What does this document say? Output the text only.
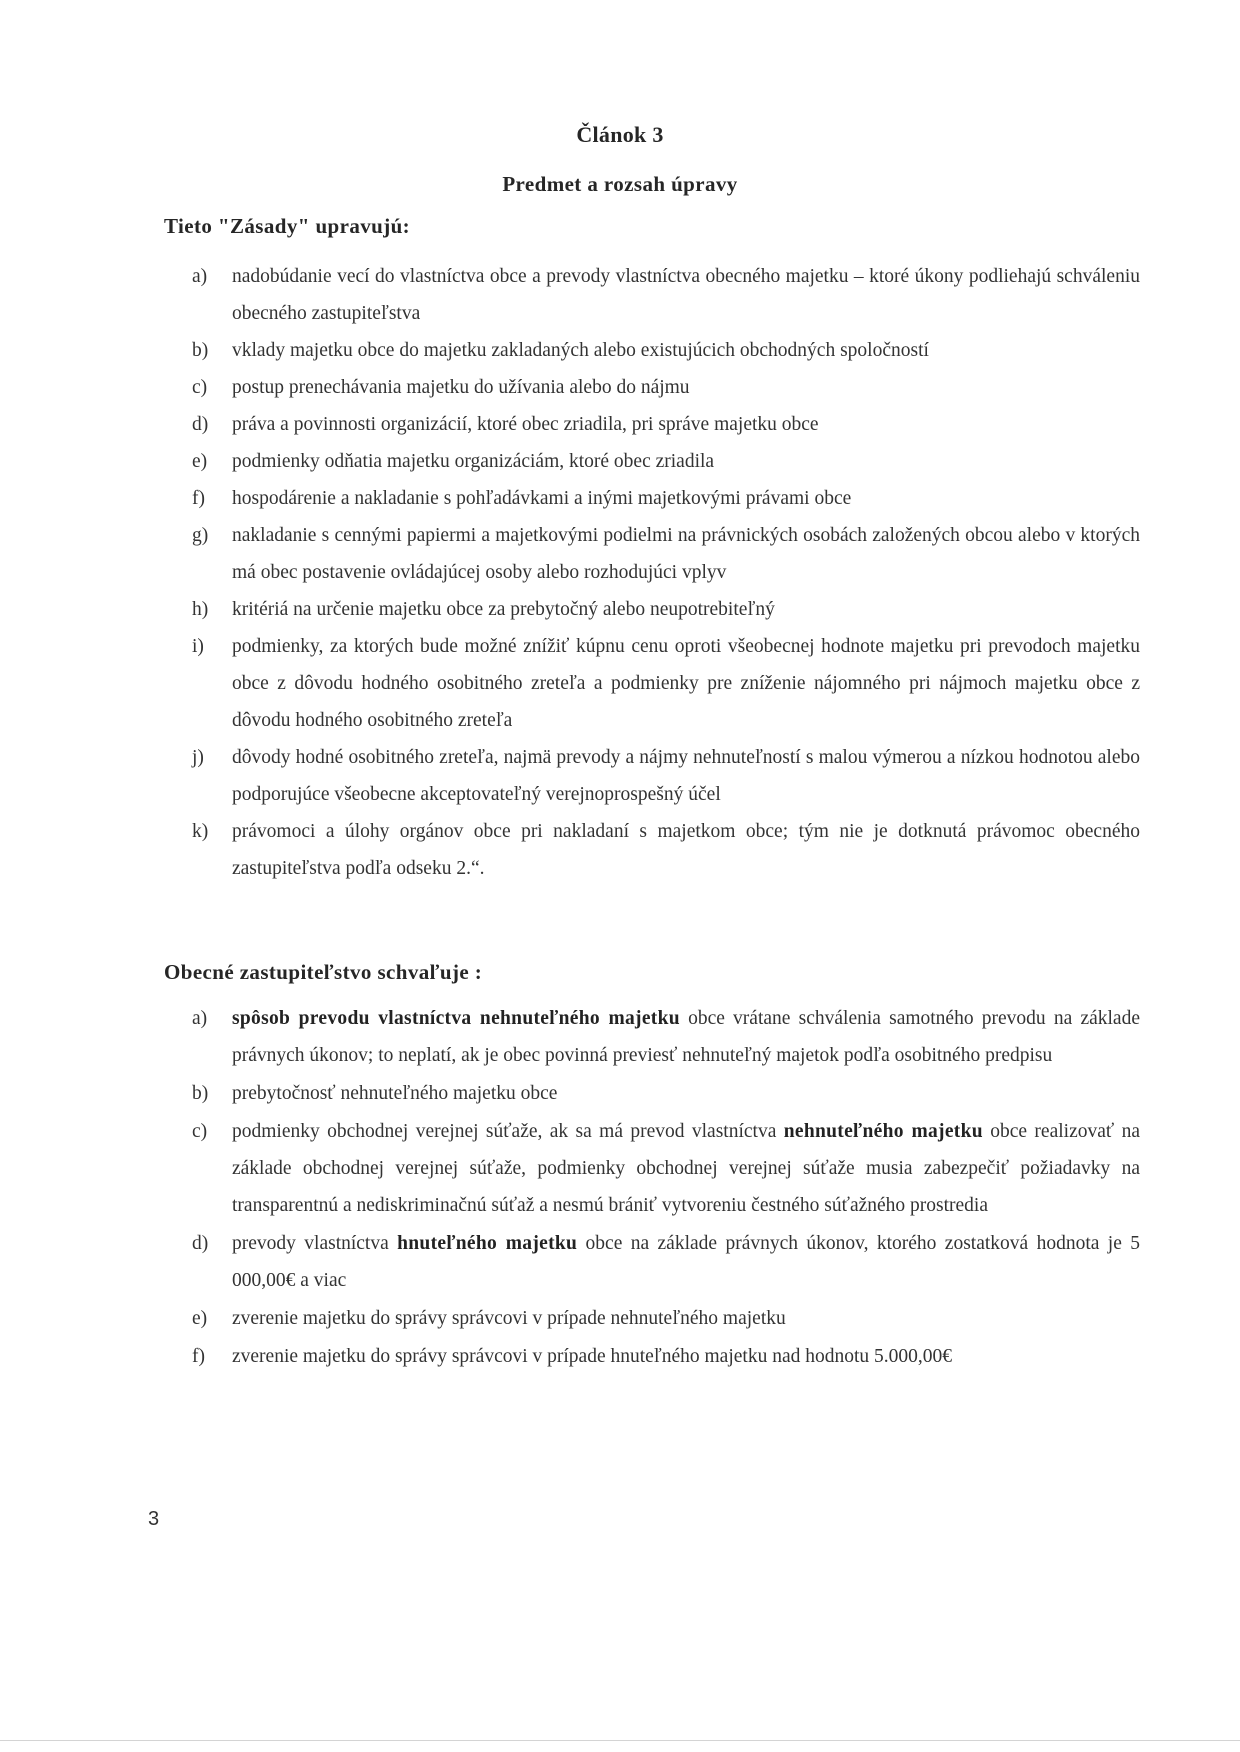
Článok 3
Predmet a rozsah úpravy
Tieto "Zásady" upravujú:
a)	nadobúdanie vecí do vlastníctva obce a prevody vlastníctva obecného majetku – ktoré úkony podliehajú schváleniu obecného zastupiteľstva
b)	vklady majetku obce do majetku zakladaných alebo existujúcich obchodných spoločností
c)	postup prenechávania majetku do užívania alebo do nájmu
d)	práva a povinnosti organizácií, ktoré obec zriadila, pri správe majetku obce
e)	podmienky odňatia majetku organizáciám, ktoré obec zriadila
f)	hospodárenie a nakladanie s pohľadávkami a inými majetkovými právami obce
g)	nakladanie s cennými papiermi a majetkovými podielmi na právnických osobách založených obcou alebo v ktorých má obec postavenie ovládajúcej osoby alebo rozhodujúci vplyv
h)	kritériá na určenie majetku obce za prebytočný alebo neupotrebiteľný
i)	podmienky, za ktorých bude možné znížiť kúpnu cenu oproti všeobecnej hodnote majetku pri prevodoch majetku obce z dôvodu hodného osobitného zreteľa a podmienky pre zníženie nájomného pri nájmoch majetku obce z dôvodu hodného osobitného zreteľa
j)	dôvody hodné osobitného zreteľa, najmä prevody a nájmy nehnuteľností s malou výmerou a nízkou hodnotou alebo podporujúce všeobecne akceptovateľný verejnoprospešný účel
k)	právomoci a úlohy orgánov obce pri nakladaní s majetkom obce; tým nie je dotknutá právomoc obecného zastupiteľstva podľa odseku 2.“.
Obecné zastupiteľstvo schvaľuje :
a)	spôsob prevodu vlastníctva nehnuteľného majetku obce vrátane schválenia samotného prevodu na základe právnych úkonov; to neplatí, ak je obec povinná previesť nehnuteľný majetok podľa osobitného predpisu
b)	prebytočnosť nehnuteľného majetku obce
c)	podmienky obchodnej verejnej súťaže, ak sa má prevod vlastníctva nehnuteľného majetku obce realizovať na základe obchodnej verejnej súťaže, podmienky obchodnej verejnej súťaže musia zabezpečiť požiadavky na transparentnú a nediskriminačnú súťaž a nesmú brániť vytvoreniu čestného súťažného prostredia
d)	prevody vlastníctva hnuteľného majetku obce na základe právnych úkonov, ktorého zostatková hodnota je 5 000,00€ a viac
e)	zverenie majetku do správy správcovi v prípade nehnuteľného majetku
f)	zverenie majetku do správy správcovi v prípade hnuteľného majetku nad hodnotu 5.000,00€
3
